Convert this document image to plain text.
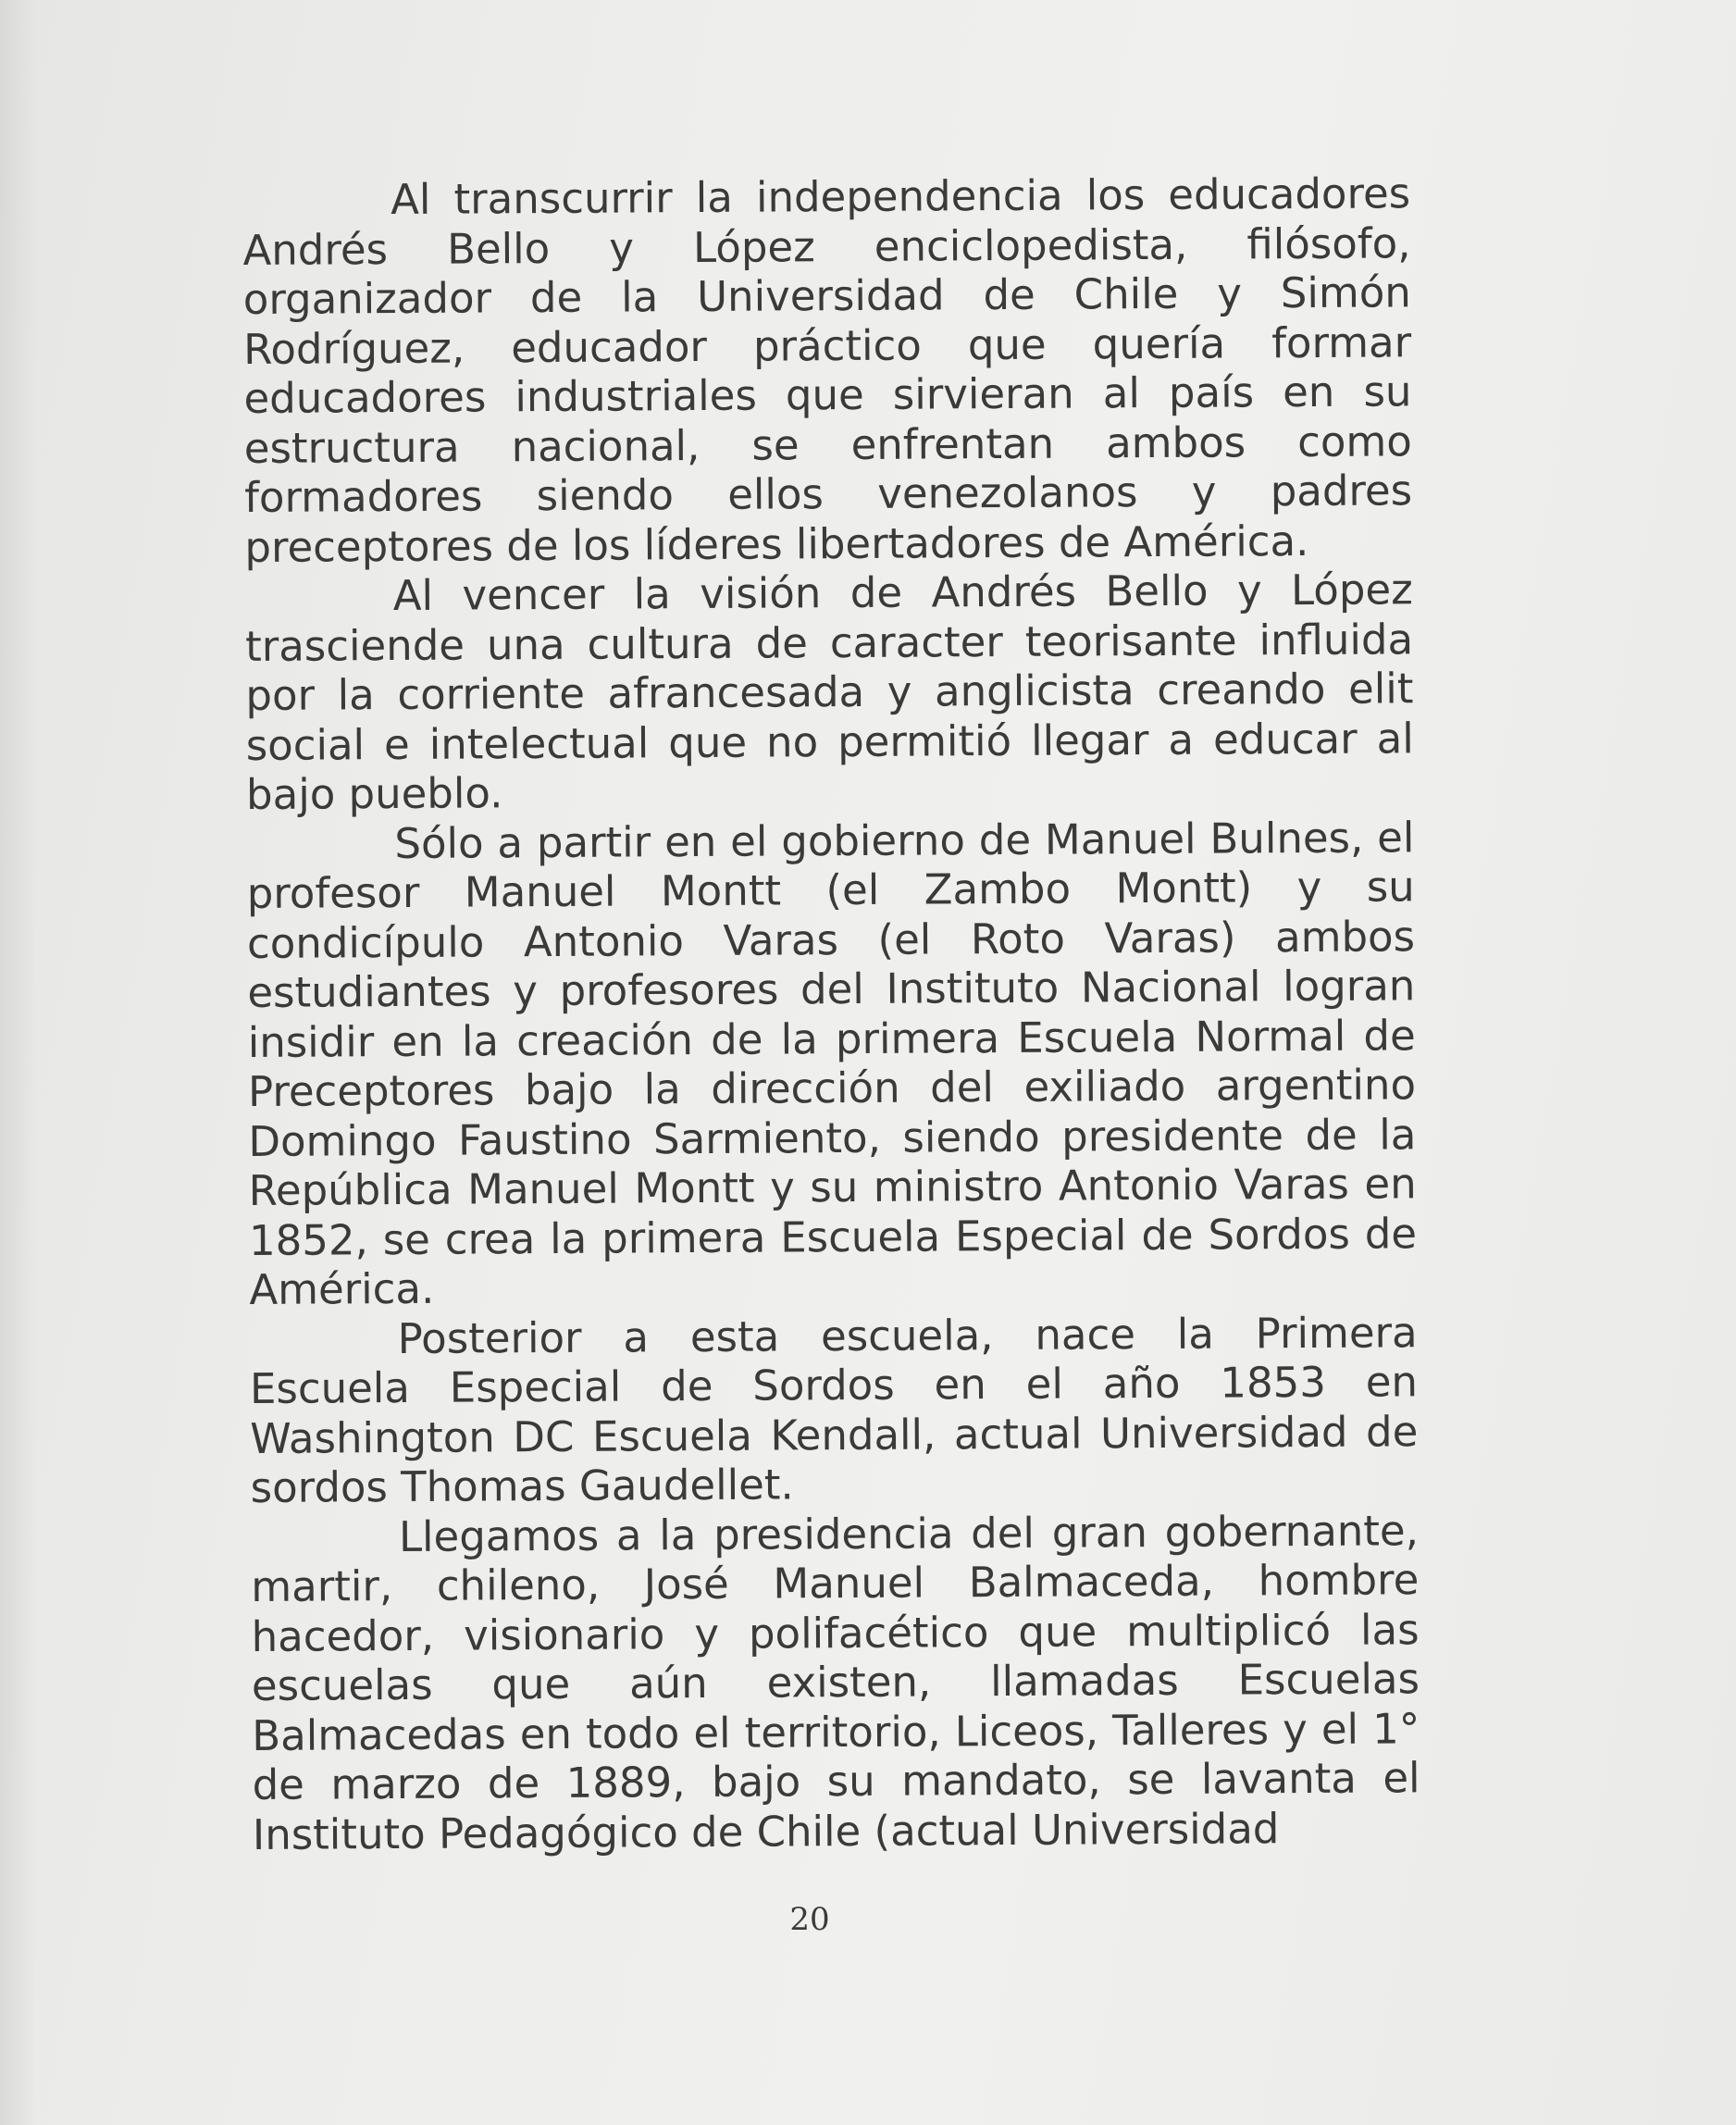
Al transcurrir la independencia los educadores Andrés Bello y López enciclopedista, filósofo, organizador de la Universidad de Chile y Simón Rodríguez, educador práctico que quería formar educadores industriales que sirvieran al país en su estructura nacional, se enfrentan ambos como formadores siendo ellos venezolanos y padres preceptores de los líderes libertadores de América.

Al vencer la visión de Andrés Bello y López trasciende una cultura de caracter teorisante influida por la corriente afrancesada y anglicista creando elit social e intelectual que no permitió llegar a educar al bajo pueblo.

Sólo a partir en el gobierno de Manuel Bulnes, el profesor Manuel Montt (el Zambo Montt) y su condicípulo Antonio Varas (el Roto Varas) ambos estudiantes y profesores del Instituto Nacional logran insidir en la creación de la primera Escuela Normal de Preceptores bajo la dirección del exiliado argentino Domingo Faustino Sarmiento, siendo presidente de la República Manuel Montt y su ministro Antonio Varas en 1852, se crea la primera Escuela Especial de Sordos de América.

Posterior a esta escuela, nace la Primera Escuela Especial de Sordos en el año 1853 en Washington DC Escuela Kendall, actual Universidad de sordos Thomas Gaudellet.

Llegamos a la presidencia del gran gobernante, martir, chileno, José Manuel Balmaceda, hombre hacedor, visionario y polifacético que multiplicó las escuelas que aún existen, llamadas Escuelas Balmacedas en todo el territorio, Liceos, Talleres y el 1° de marzo de 1889, bajo su mandato, se lavanta el Instituto Pedagógico de Chile (actual Universidad

20
